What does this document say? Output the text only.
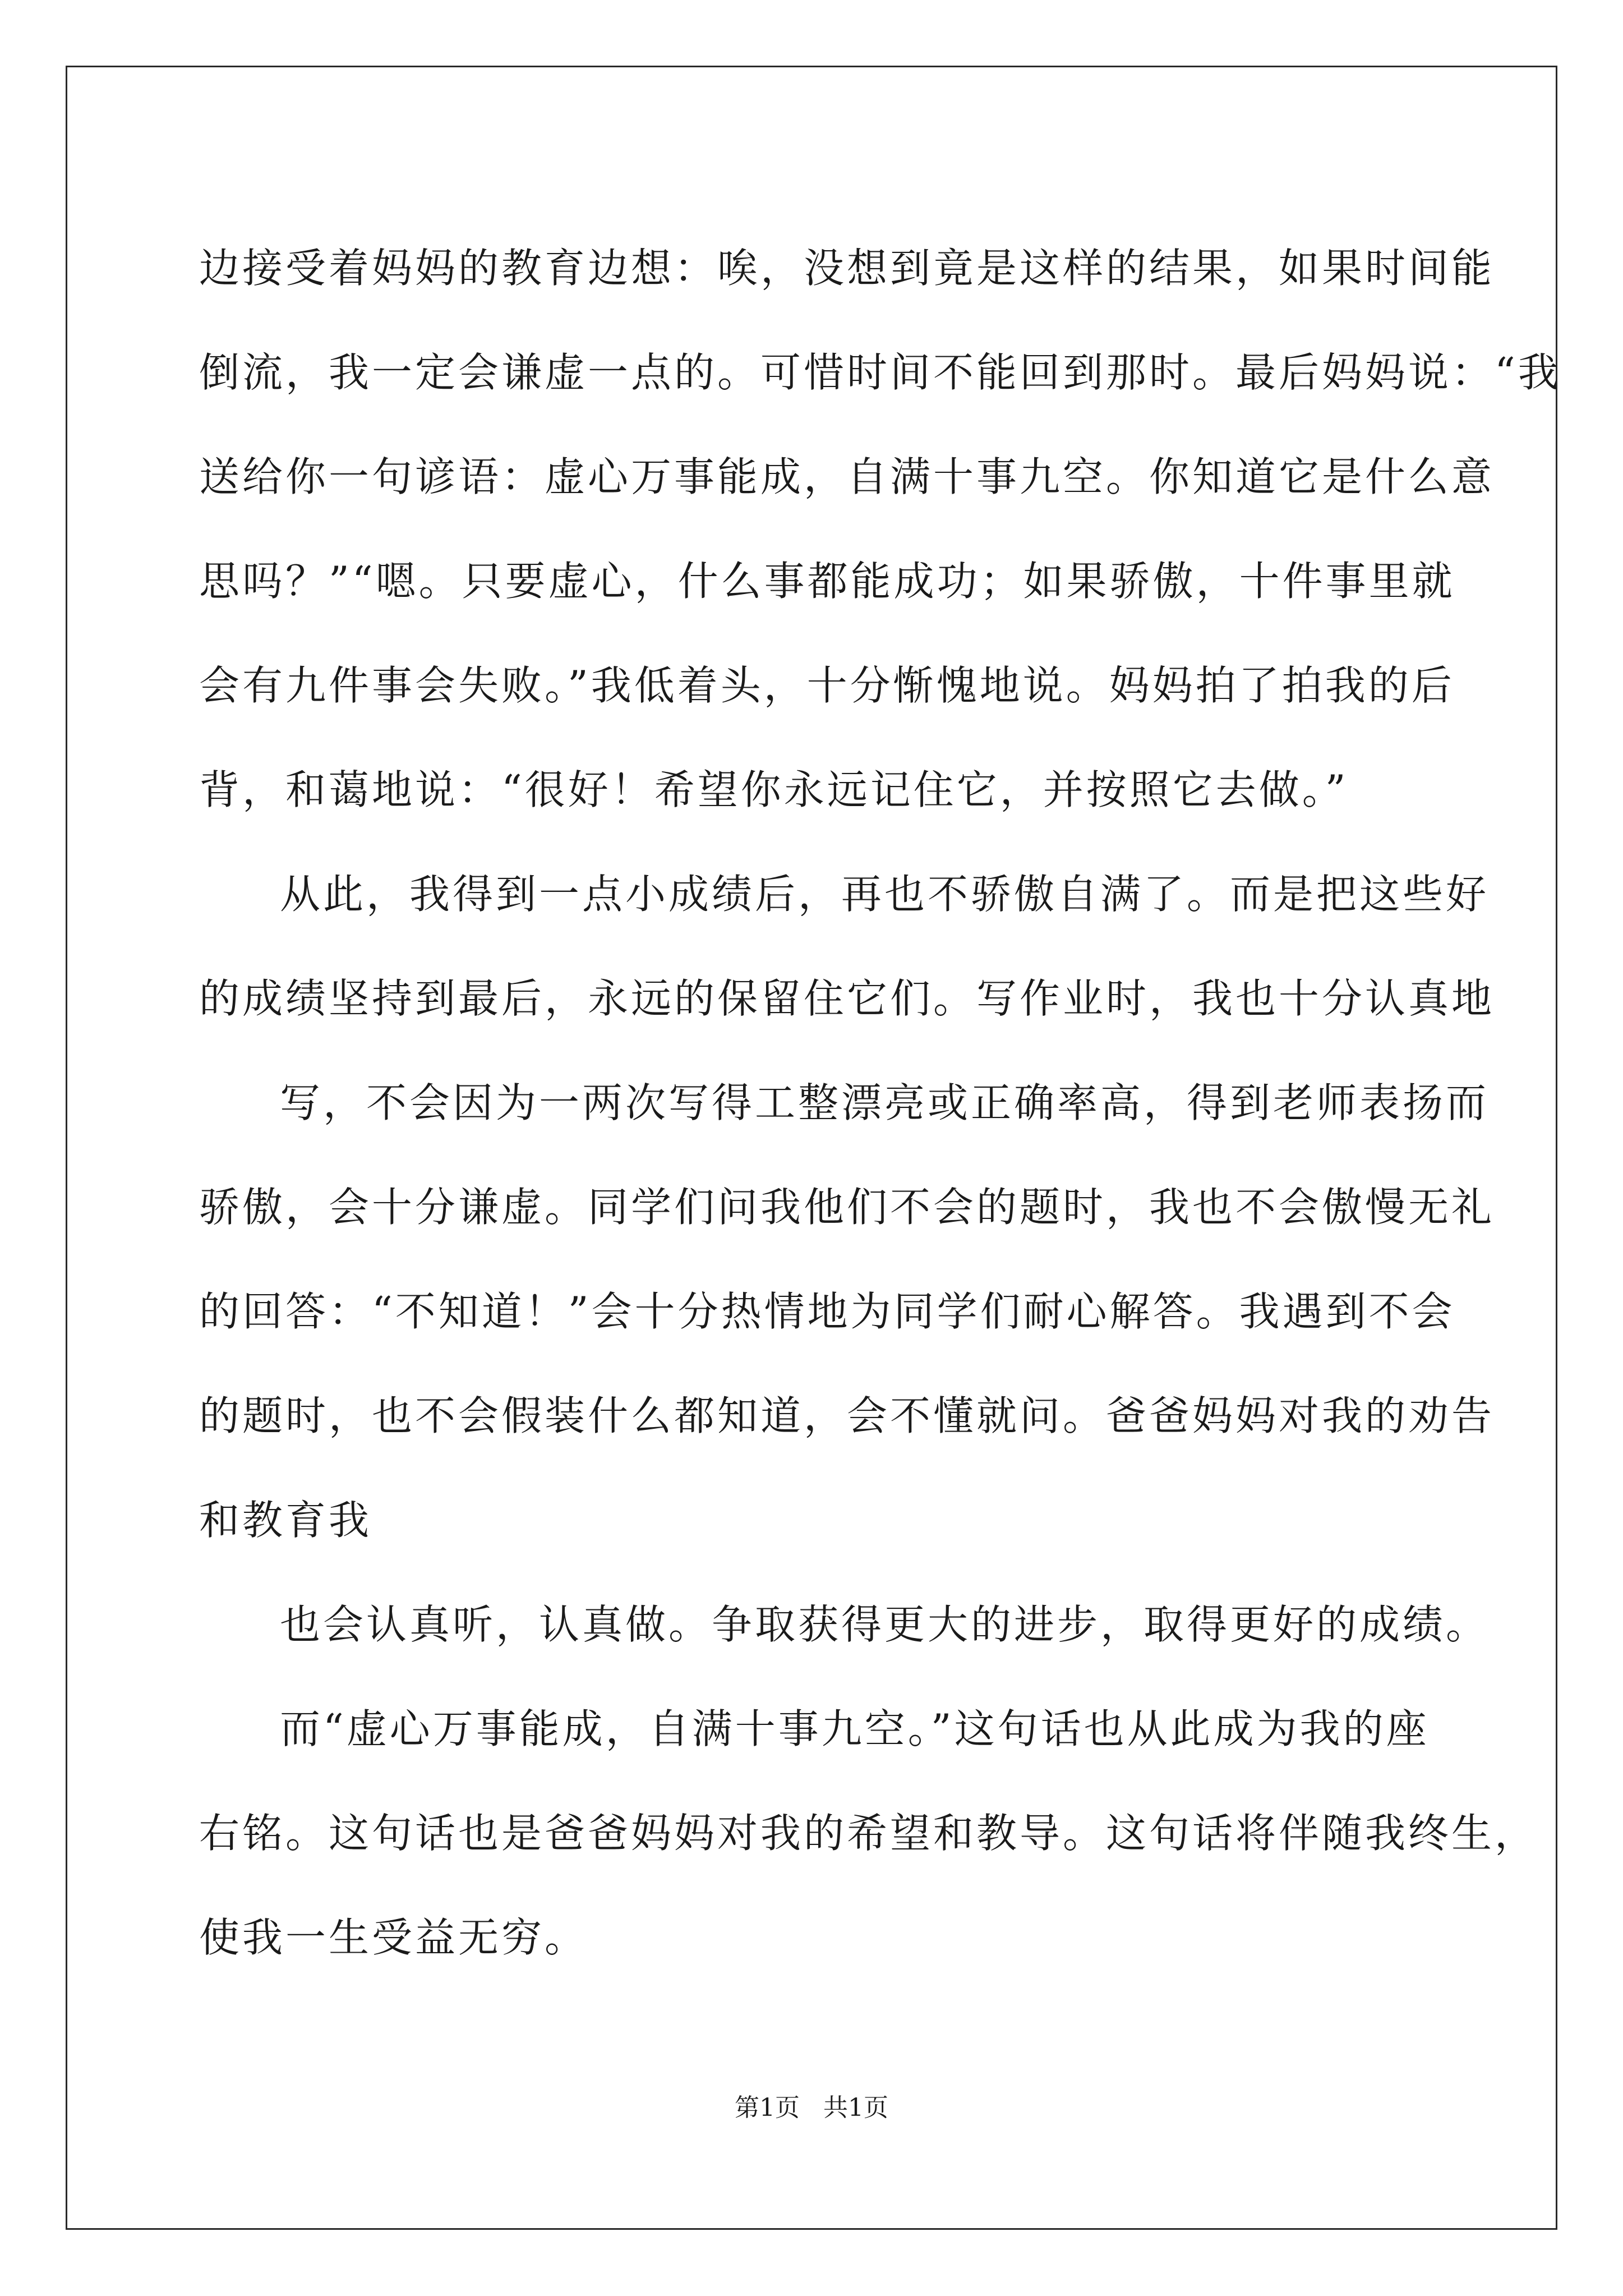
边接受着妈妈的教育边想：唉，没想到竟是这样的结果，如果时间能
倒流，我一定会谦虚一点的。可惜时间不能回到那时。最后妈妈说：“我
送给你一句谚语：虚心万事能成，自满十事九空。你知道它是什么意
思吗？”“嗯。只要虚心，什么事都能成功；如果骄傲，十件事里就
会有九件事会失败。”我低着头，十分惭愧地说。妈妈拍了拍我的后
背，和蔼地说：“很好！希望你永远记住它，并按照它去做。”
从此，我得到一点小成绩后，再也不骄傲自满了。而是把这些好
的成绩坚持到最后，永远的保留住它们。写作业时，我也十分认真地
写，不会因为一两次写得工整漂亮或正确率高，得到老师表扬而
骄傲，会十分谦虚。同学们问我他们不会的题时，我也不会傲慢无礼
的回答：“不知道！”会十分热情地为同学们耐心解答。我遇到不会
的题时，也不会假装什么都知道，会不懂就问。爸爸妈妈对我的劝告
和教育我
也会认真听，认真做。争取获得更大的进步，取得更好的成绩。
而“虚心万事能成，自满十事九空。”这句话也从此成为我的座
右铭。这句话也是爸爸妈妈对我的希望和教导。这句话将伴随我终生，
使我一生受益无穷。
第1页   共1页
